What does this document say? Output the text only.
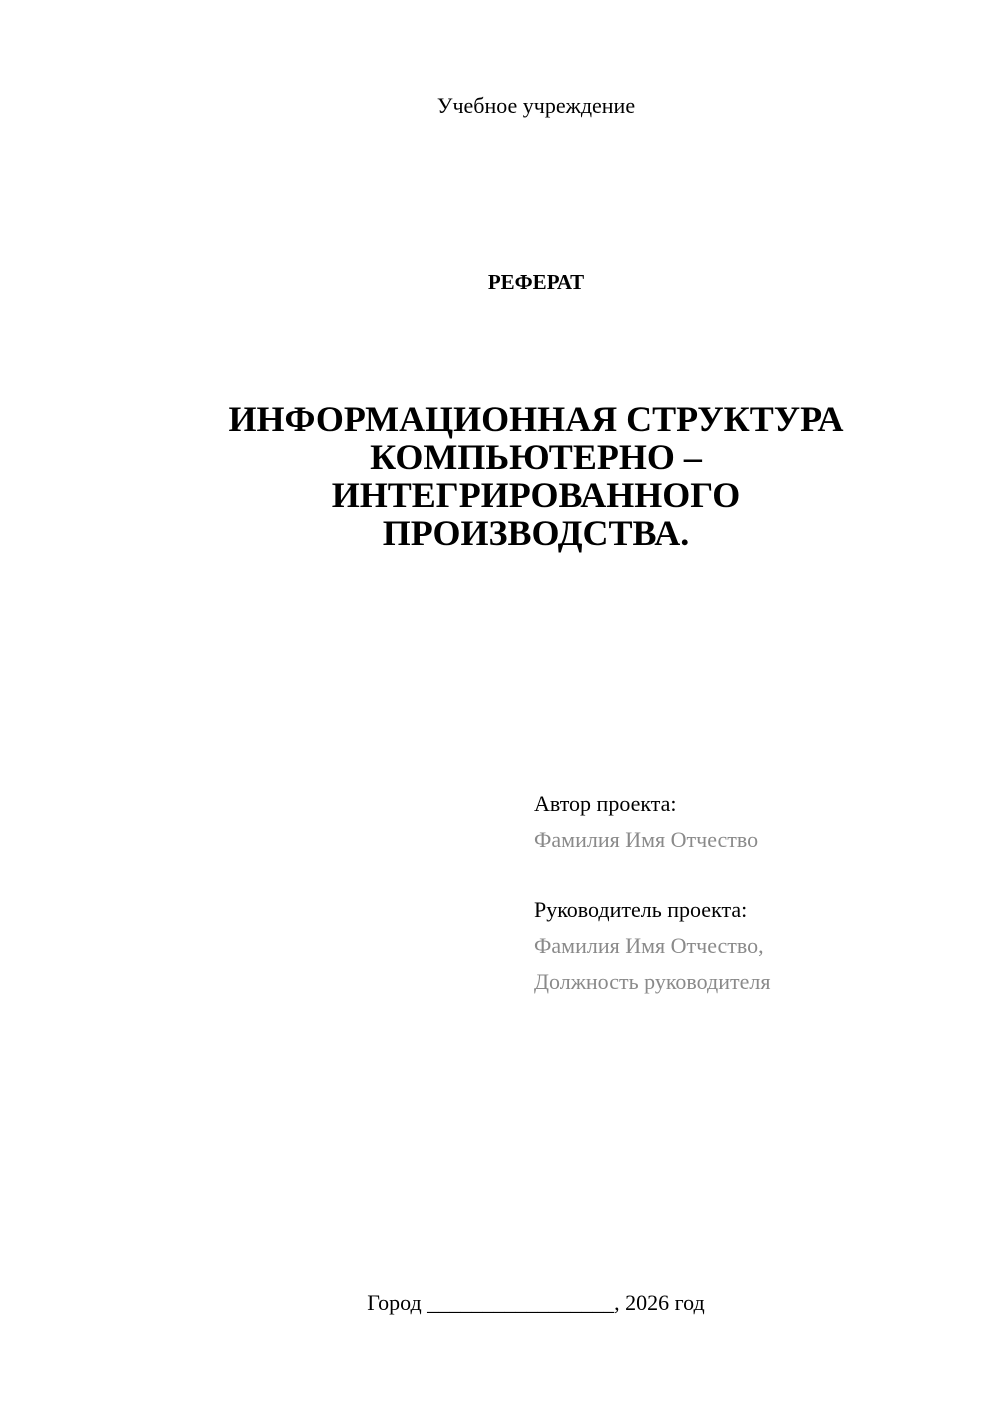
Учебное учреждение
РЕФЕРАТ
ИНФОРМАЦИОННАЯ СТРУКТУРА
КОМПЬЮТЕРНО –
ИНТЕГРИРОВАННОГО
ПРОИЗВОДСТВА.
Автор проекта:
Фамилия Имя Отчество
Руководитель проекта:
Фамилия Имя Отчество,
Должность руководителя
Город _________________, 2026 год
